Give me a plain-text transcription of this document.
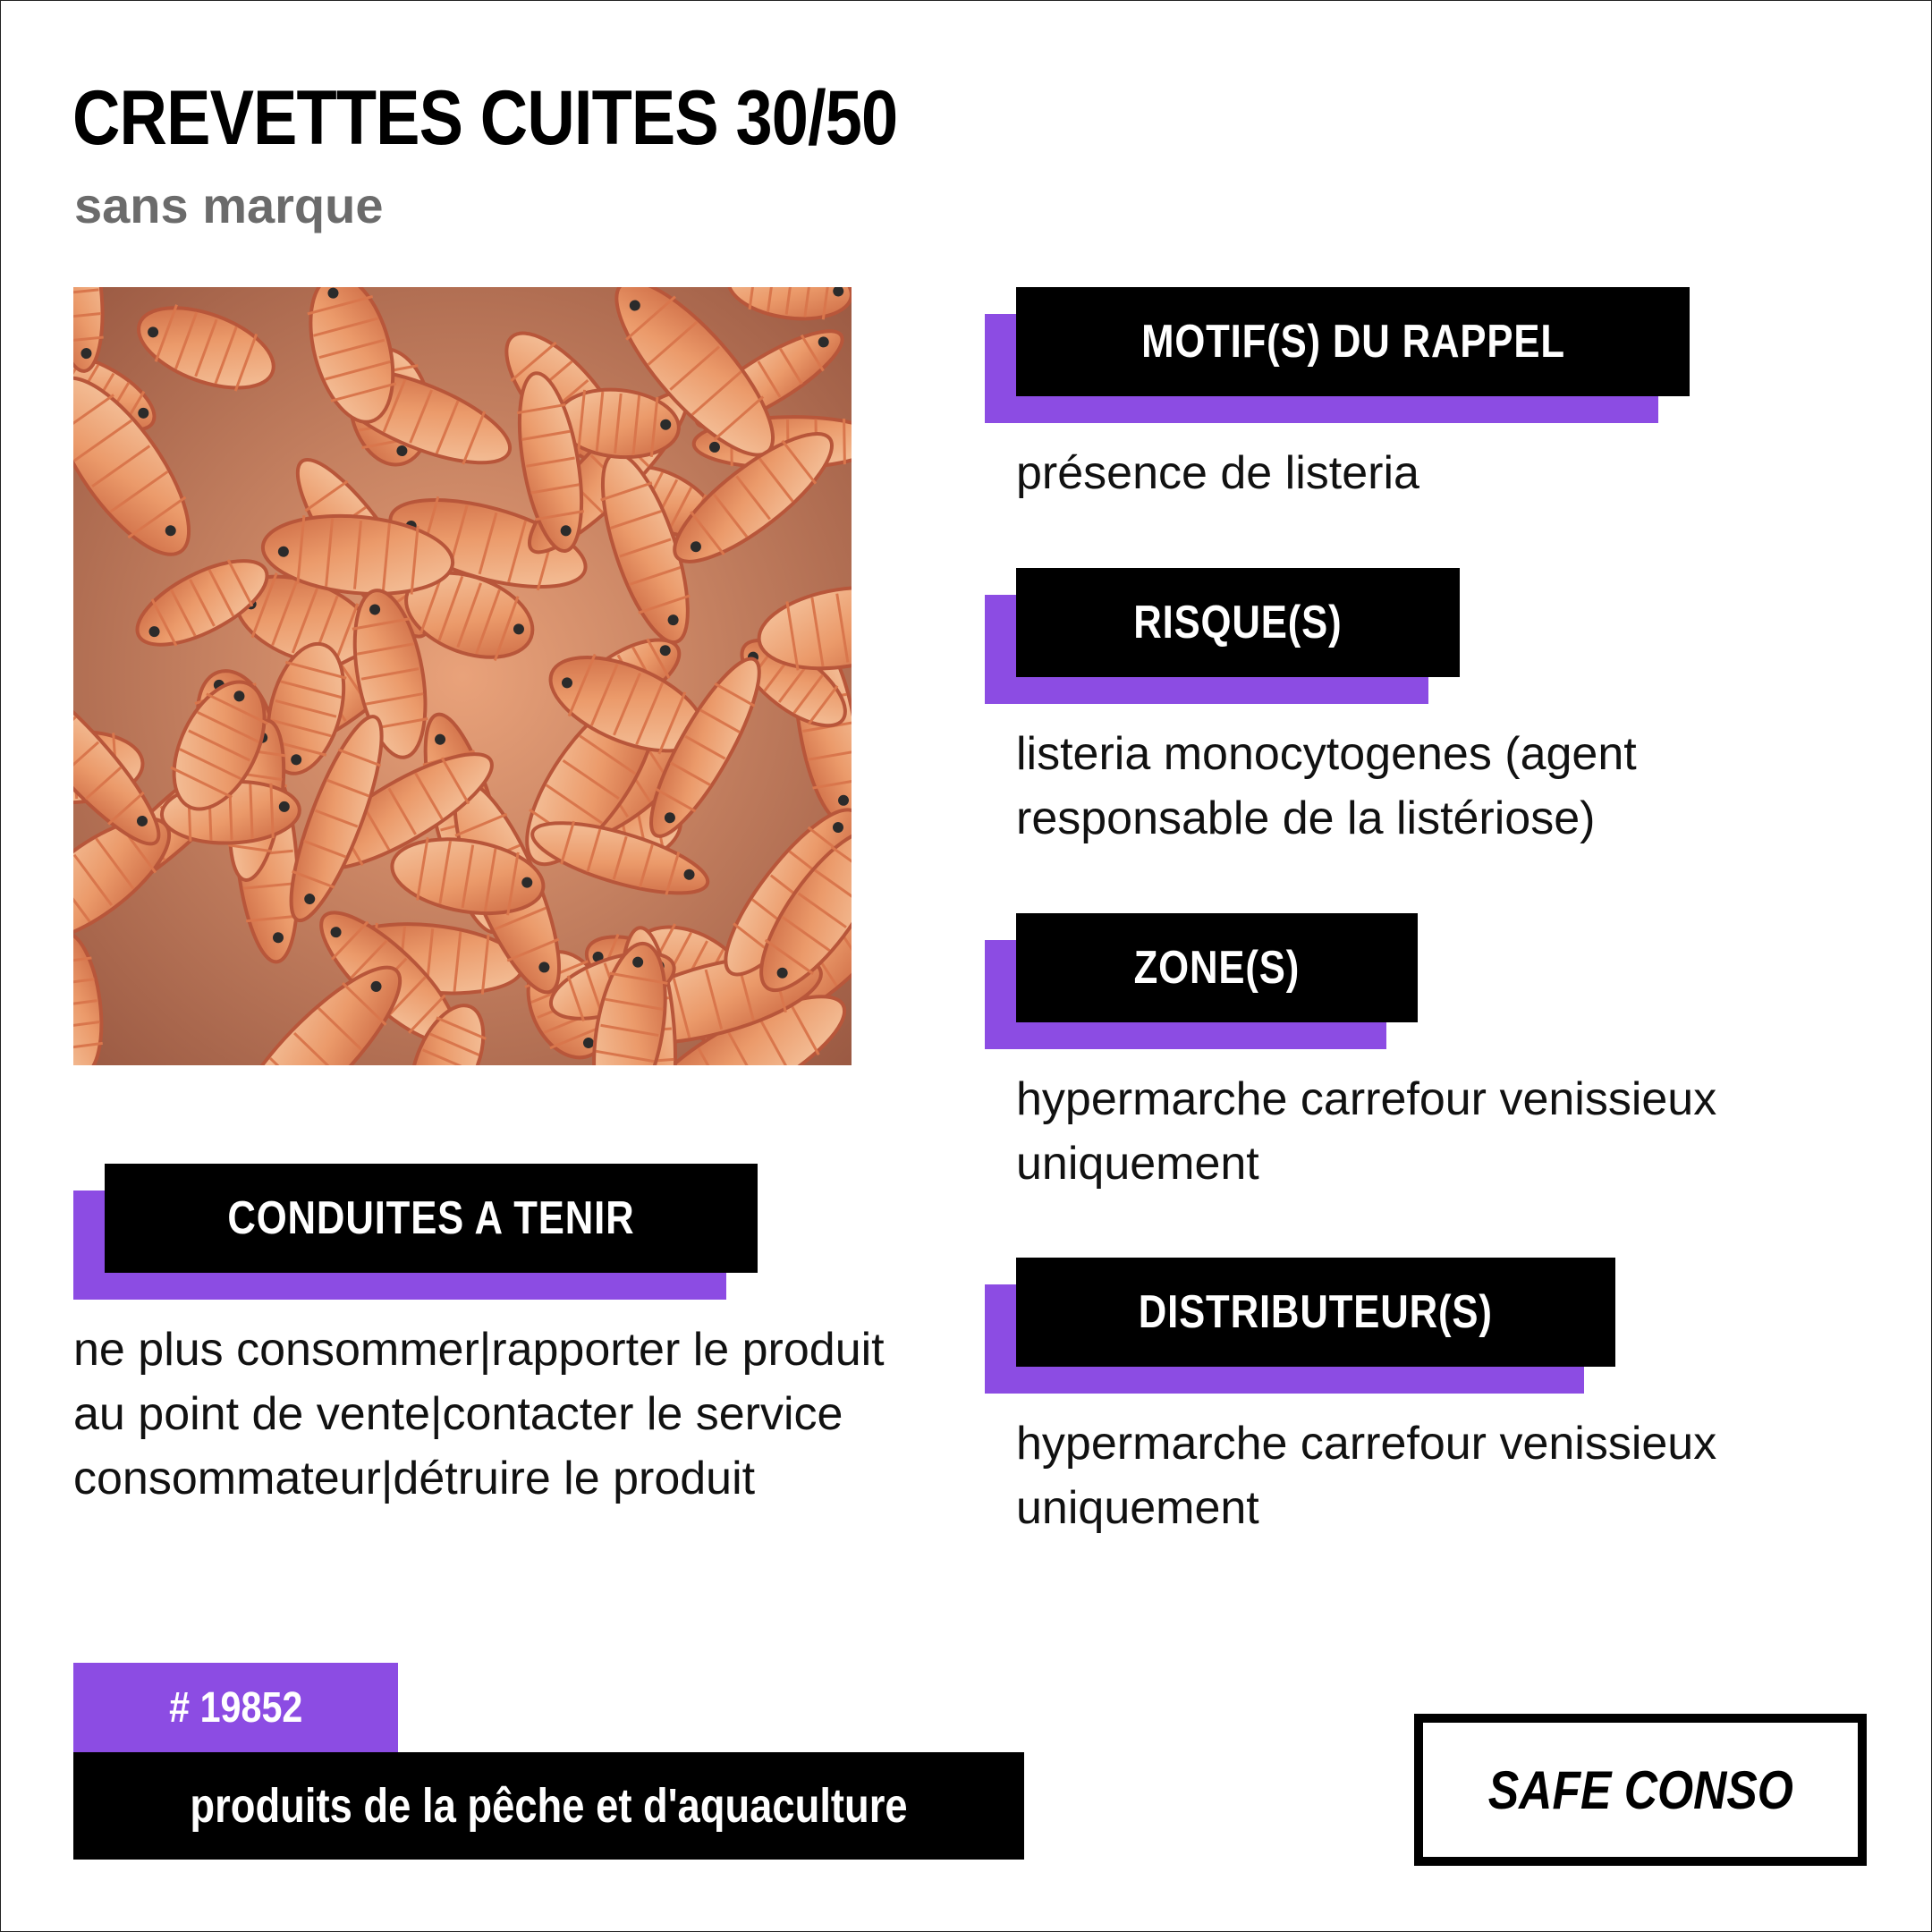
CREVETTES CUITES 30/50
sans marque
MOTIF(S) DU RAPPEL
présence de listeria
RISQUE(S)
listeria monocytogenes (agent responsable de la listériose)
ZONE(S)
hypermarche carrefour venissieux uniquement
DISTRIBUTEUR(S)
hypermarche carrefour venissieux uniquement
CONDUITES A TENIR
ne plus consommer|rapporter le produit au point de vente|contacter le service consommateur|détruire le produit
# 19852
produits de la pêche et d'aquaculture	SAFE CONSO
